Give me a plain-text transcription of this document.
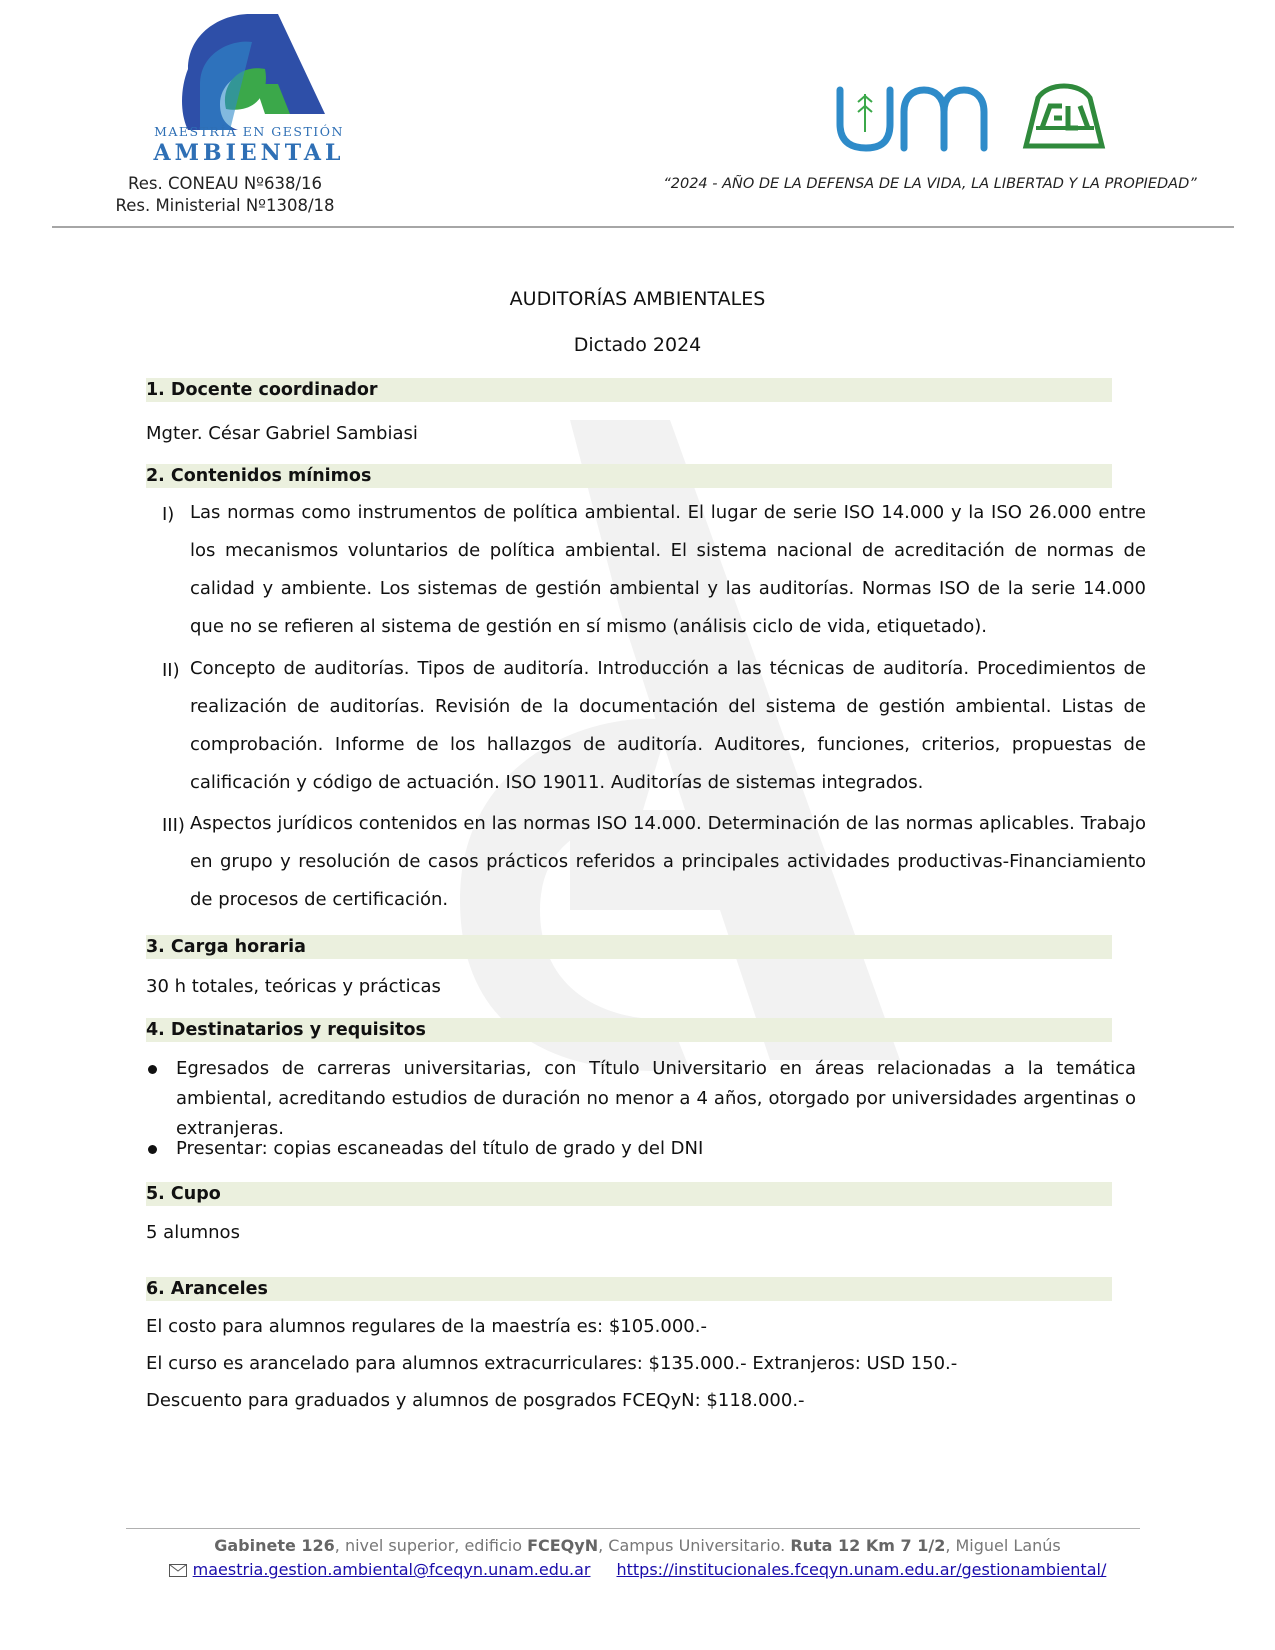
MAESTRÍA EN GESTIÓN
AMBIENTAL
Res. CONEAU Nº638/16
Res. Ministerial Nº1308/18
“2024 - AÑO DE LA DEFENSA DE LA VIDA, LA LIBERTAD Y LA PROPIEDAD”
AUDITORÍAS AMBIENTALES
Dictado 2024
1. Docente coordinador
Mgter. César Gabriel Sambiasi
2. Contenidos mínimos
I) Las normas como instrumentos de política ambiental. El lugar de serie ISO 14.000 y la ISO 26.000 entre los mecanismos voluntarios de política ambiental. El sistema nacional de acreditación de normas de calidad y ambiente. Los sistemas de gestión ambiental y las auditorías. Normas ISO de la serie 14.000 que no se refieren al sistema de gestión en sí mismo (análisis ciclo de vida, etiquetado).
II) Concepto de auditorías. Tipos de auditoría. Introducción a las técnicas de auditoría. Procedimientos de realización de auditorías. Revisión de la documentación del sistema de gestión ambiental. Listas de comprobación. Informe de los hallazgos de auditoría. Auditores, funciones, criterios, propuestas de calificación y código de actuación. ISO 19011. Auditorías de sistemas integrados.
III) Aspectos jurídicos contenidos en las normas ISO 14.000. Determinación de las normas aplicables. Trabajo en grupo y resolución de casos prácticos referidos a principales actividades productivas-Financiamiento de procesos de certificación.
3. Carga horaria
30 h totales, teóricas y prácticas
4. Destinatarios y requisitos
Egresados de carreras universitarias, con Título Universitario en áreas relacionadas a la temática ambiental, acreditando estudios de duración no menor a 4 años, otorgado por universidades argentinas o extranjeras.
Presentar: copias escaneadas del título de grado y del DNI
5. Cupo
5 alumnos
6. Aranceles
El costo para alumnos regulares de la maestría es: $105.000.-
El curso es arancelado para alumnos extracurriculares: $135.000.- Extranjeros: USD 150.-
Descuento para graduados y alumnos de posgrados FCEQyN: $118.000.-
Gabinete 126, nivel superior, edificio FCEQyN, Campus Universitario. Ruta 12 Km 7 1/2, Miguel Lanús
maestria.gestion.ambiental@fceqyn.unam.edu.ar https://institucionales.fceqyn.unam.edu.ar/gestionambiental/
